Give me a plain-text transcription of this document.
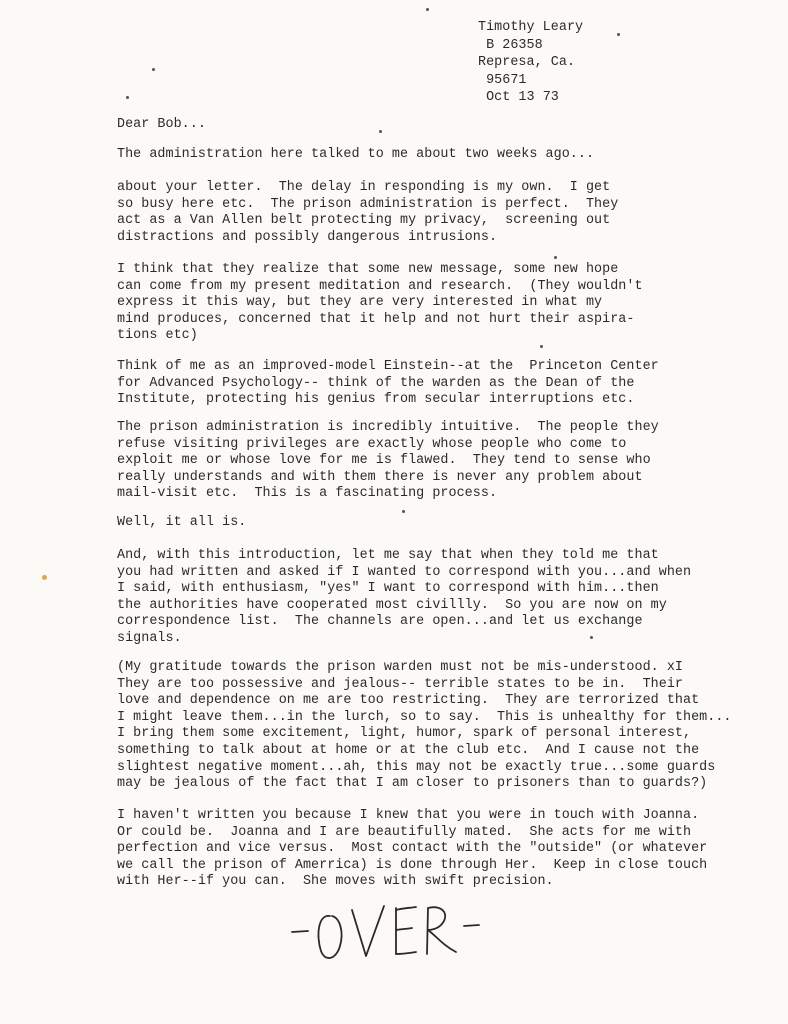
Timothy Leary
B 26358
Represa, Ca.
95671
Oct 13 73
Dear Bob...
The administration here talked to me about two weeks ago...
about your letter.  The delay in responding is my own.  I get
so busy here etc.  The prison administration is perfect.  They
act as a Van Allen belt protecting my privacy,  screening out
distractions and possibly dangerous intrusions.
I think that they realize that some new message, some new hope
can come from my present meditation and research.  (They wouldn't
express it this way, but they are very interested in what my
mind produces, concerned that it help and not hurt their aspira-
tions etc)
Think of me as an improved-model Einstein--at the  Princeton Center
for Advanced Psychology-- think of the warden as the Dean of the
Institute, protecting his genius from secular interruptions etc.
The prison administration is incredibly intuitive.  The people they
refuse visiting privileges are exactly whose people who come to
exploit me or whose love for me is flawed.  They tend to sense who
really understands and with them there is never any problem about
mail-visit etc.  This is a fascinating process.
Well, it all is.
And, with this introduction, let me say that when they told me that
you had written and asked if I wanted to correspond with you...and when
I said, with enthusiasm, "yes" I want to correspond with him...then
the authorities have cooperated most civillly.  So you are now on my
correspondence list.  The channels are open...and let us exchange
signals.
(My gratitude towards the prison warden must not be mis-understood. xI
They are too possessive and jealous-- terrible states to be in.  Their
love and dependence on me are too restricting.  They are terrorized that
I might leave them...in the lurch, so to say.  This is unhealthy for them...
I bring them some excitement, light, humor, spark of personal interest,
something to talk about at home or at the club etc.  And I cause not the
slightest negative moment...ah, this may not be exactly true...some guards
may be jealous of the fact that I am closer to prisoners than to guards?)
I haven't written you because I knew that you were in touch with Joanna.
Or could be.  Joanna and I are beautifully mated.  She acts for me with
perfection and vice versus.  Most contact with the "outside" (or whatever
we call the prison of Amerrica) is done through Her.  Keep in close touch
with Her--if you can.  She moves with swift precision.
